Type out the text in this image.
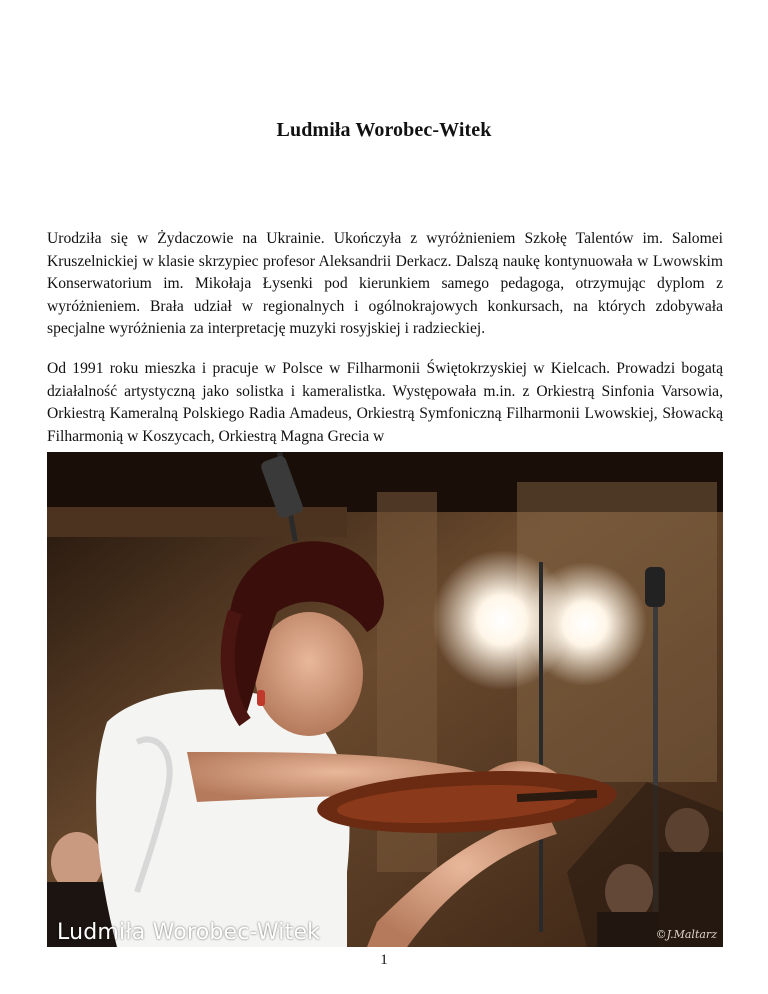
Ludmiła Worobec-Witek

Urodziła się w Żydaczowie na Ukrainie. Ukończyła z wyróżnieniem Szkołę Talentów im. Salomei Kruszelnickiej w klasie skrzypiec profesor Aleksandrii Derkacz. Dalszą naukę kontynuowała w Lwowskim Konserwatorium im. Mikołaja Łysenki pod kierunkiem samego pedagoga, otrzymując dyplom z wyróżnieniem. Brała udział w regionalnych i ogólnokrajowych konkursach, na których zdobywała specjalne wyróżnienia za interpretację muzyki rosyjskiej i radzieckiej.

Od 1991 roku mieszka i pracuje w Polsce w Filharmonii Świętokrzyskiej w Kielcach. Prowadzi bogatą działalność artystyczną jako solistka i kameralistka. Występowała m.in. z Orkiestrą Sinfonia Varsowia, Orkiestrą Kameralną Polskiego Radia Amadeus, Orkiestrą Symfoniczną Filharmonii Lwowskiej, Słowacką Filharmonią w Koszycach, Orkiestrą Magna Grecia w

Ludmiła Worobec-Witek	©J.Maltarz
1
